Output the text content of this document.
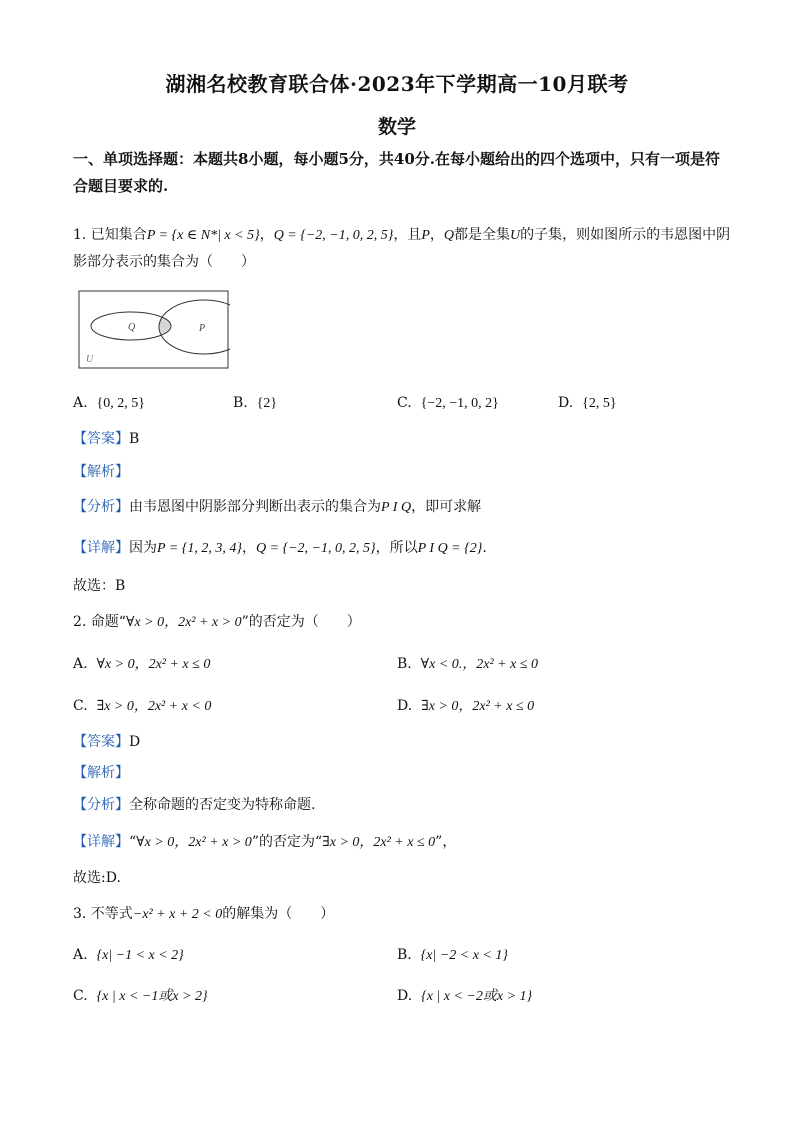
湖湘名校教育联合体·2023年下学期高一10月联考
数学
一、单项选择题：本题共8小题，每小题5分，共40分.在每小题给出的四个选项中，只有一项是符合题目要求的.
1. 已知集合P = {x ∈ N*| x < 5}，Q = {−2, −1, 0, 2, 5}，且P，Q都是全集U的子集，则如图所示的韦恩图中阴影部分表示的集合为（　　）
Q	P
U
A. {0, 2, 5}	B. {2}	C. {−2, −1, 0, 2}	D. {2, 5}
【答案】B
【解析】
【分析】由韦恩图中阴影部分判断出表示的集合为P I Q，即可求解
【详解】因为P = {1, 2, 3, 4}，Q = {−2, −1, 0, 2, 5}，所以P I Q = {2}.
故选：B
2. 命题“∀x > 0，2x² + x > 0”的否定为（　　）
A. ∀x > 0，2x² + x ≤ 0	B. ∀x < 0.，2x² + x ≤ 0
C. ∃x > 0，2x² + x < 0	D. ∃x > 0，2x² + x ≤ 0
【答案】D
【解析】
【分析】全称命题的否定变为特称命题.
【详解】“∀x > 0，2x² + x > 0”的否定为“∃x > 0，2x² + x ≤ 0”，
故选:D.
3. 不等式−x² + x + 2 < 0的解集为（　　）
A. {x| −1 < x < 2}	B. {x| −2 < x < 1}
C. {x | x < −1或x > 2}	D. {x | x < −2或x > 1}
